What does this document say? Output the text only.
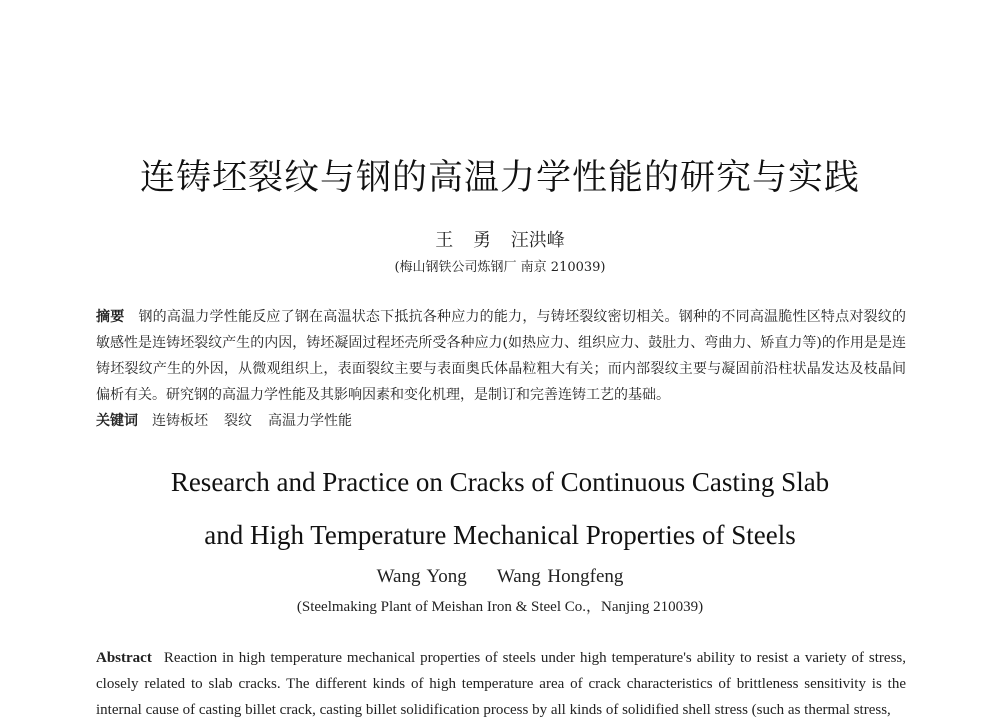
连铸坯裂纹与钢的高温力学性能的研究与实践
王 勇 汪洪峰
(梅山钢铁公司炼钢厂 南京 210039)

摘要 钢的高温力学性能反应了钢在高温状态下抵抗各种应力的能力，与铸坯裂纹密切相关。钢种的不同高温脆性区特点对裂纹的敏感性是连铸坯裂纹产生的内因，铸坯凝固过程坯壳所受各种应力(如热应力、组织应力、鼓肚力、弯曲力、矫直力等)的作用是是连铸坯裂纹产生的外因，从微观组织上，表面裂纹主要与表面奥氏体晶粒粗大有关；而内部裂纹主要与凝固前沿柱状晶发达及枝晶间偏析有关。研究钢的高温力学性能及其影响因素和变化机理，是制订和完善连铸工艺的基础。

关键词 连铸板坯 裂纹 高温力学性能

Research and Practice on Cracks of Continuous Casting Slab
and High Temperature Mechanical Properties of Steels
Wang Yong Wang Hongfeng
(Steelmaking Plant of Meishan Iron & Steel Co.，Nanjing 210039)

Abstract Reaction in high temperature mechanical properties of steels under high temperature's ability to resist a variety of stress, closely related to slab cracks. The different kinds of high temperature area of crack characteristics of brittleness sensitivity is the internal cause of casting billet crack, casting billet solidification process by all kinds of solidified shell stress (such as thermal stress,
